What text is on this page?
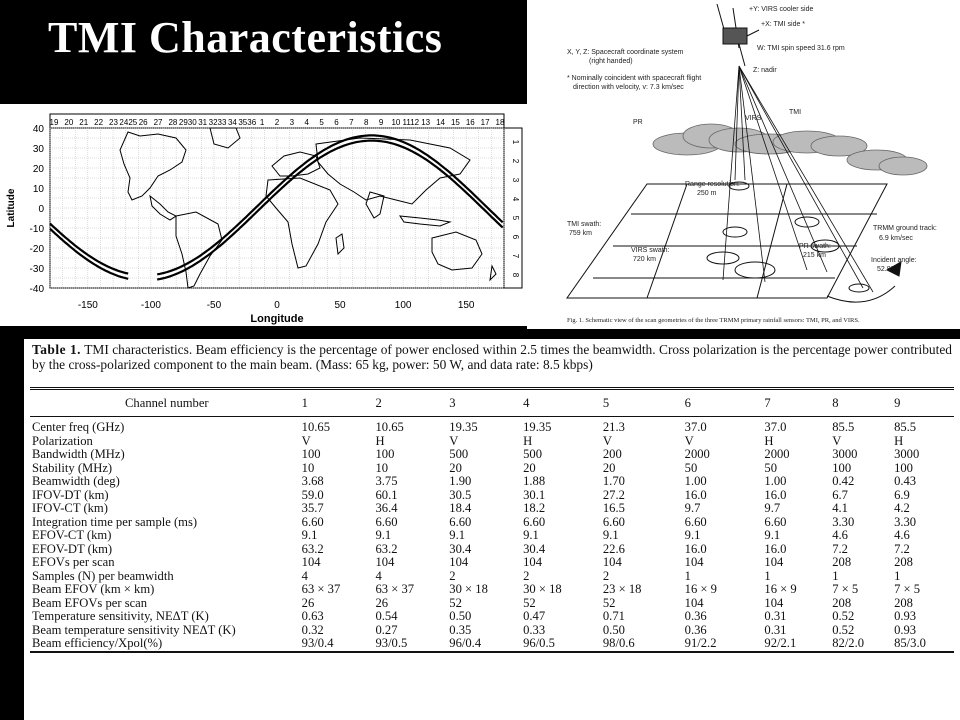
TMI Characteristics
19 20 21 22 23 2425 26 27 28 2930 31 3233 34 3536 1 2 3 4 5 6 7 8 9 10 1112 13 14 15 16 17 18
1
2
3
4
5
6
7
8
40
30
20
10
0
-10
-20
-30
-40
-150	-100	-50	0	50	100	150
Latitude
Longitude
+Y: VIRS cooler side
+X: TMI side *
W: TMI spin speed 31.6 rpm
Z: nadir
X, Y, Z: Spacecraft coordinate system
(right handed)
* Nominally coincident with spacecraft flight
direction with velocity, v: 7.3 km/sec
PR
VIRS
TMI
Range resolution:
250 m
TMI swath:
759 km
VIRS swath:
720 km
PR swath:
215 km
TRMM ground track:
6.9 km/sec
Incident angle:
52.8°
Fig. 1. Schematic view of the scan geometries of the three TRMM primary rainfall sensors: TMI, PR, and VIRS.
Table 1. TMI characteristics. Beam efficiency is the percentage of power enclosed within 2.5 times the beamwidth. Cross polarization is the percentage power contributed by the cross-polarized component to the main beam. (Mass: 65 kg, power: 50 W, and data rate: 8.5 kbps)
Channel number	1	2	3	4	5	6	7	8	9
Center freq (GHz)	10.65	10.65	19.35	19.35	21.3	37.0	37.0	85.5	85.5
Polarization	V	H	V	H	V	V	H	V	H
Bandwidth (MHz)	100	100	500	500	200	2000	2000	3000	3000
Stability (MHz)	10	10	20	20	20	50	50	100	100
Beamwidth (deg)	3.68	3.75	1.90	1.88	1.70	1.00	1.00	0.42	0.43
IFOV-DT (km)	59.0	60.1	30.5	30.1	27.2	16.0	16.0	6.7	6.9
IFOV-CT (km)	35.7	36.4	18.4	18.2	16.5	9.7	9.7	4.1	4.2
Integration time per sample (ms)	6.60	6.60	6.60	6.60	6.60	6.60	6.60	3.30	3.30
EFOV-CT (km)	9.1	9.1	9.1	9.1	9.1	9.1	9.1	4.6	4.6
EFOV-DT (km)	63.2	63.2	30.4	30.4	22.6	16.0	16.0	7.2	7.2
EFOVs per scan	104	104	104	104	104	104	104	208	208
Samples (N) per beamwidth	4	4	2	2	2	1	1	1	1
Beam EFOV (km × km)	63 × 37	63 × 37	30 × 18	30 × 18	23 × 18	16 × 9	16 × 9	7 × 5	7 × 5
Beam EFOVs per scan	26	26	52	52	52	104	104	208	208
Temperature sensitivity, NEΔT (K)	0.63	0.54	0.50	0.47	0.71	0.36	0.31	0.52	0.93
Beam temperature sensitivity NEΔT (K)	0.32	0.27	0.35	0.33	0.50	0.36	0.31	0.52	0.93
Beam efficiency/Xpol(%)	93/0.4	93/0.5	96/0.4	96/0.5	98/0.6	91/2.2	92/2.1	82/2.0	85/3.0
